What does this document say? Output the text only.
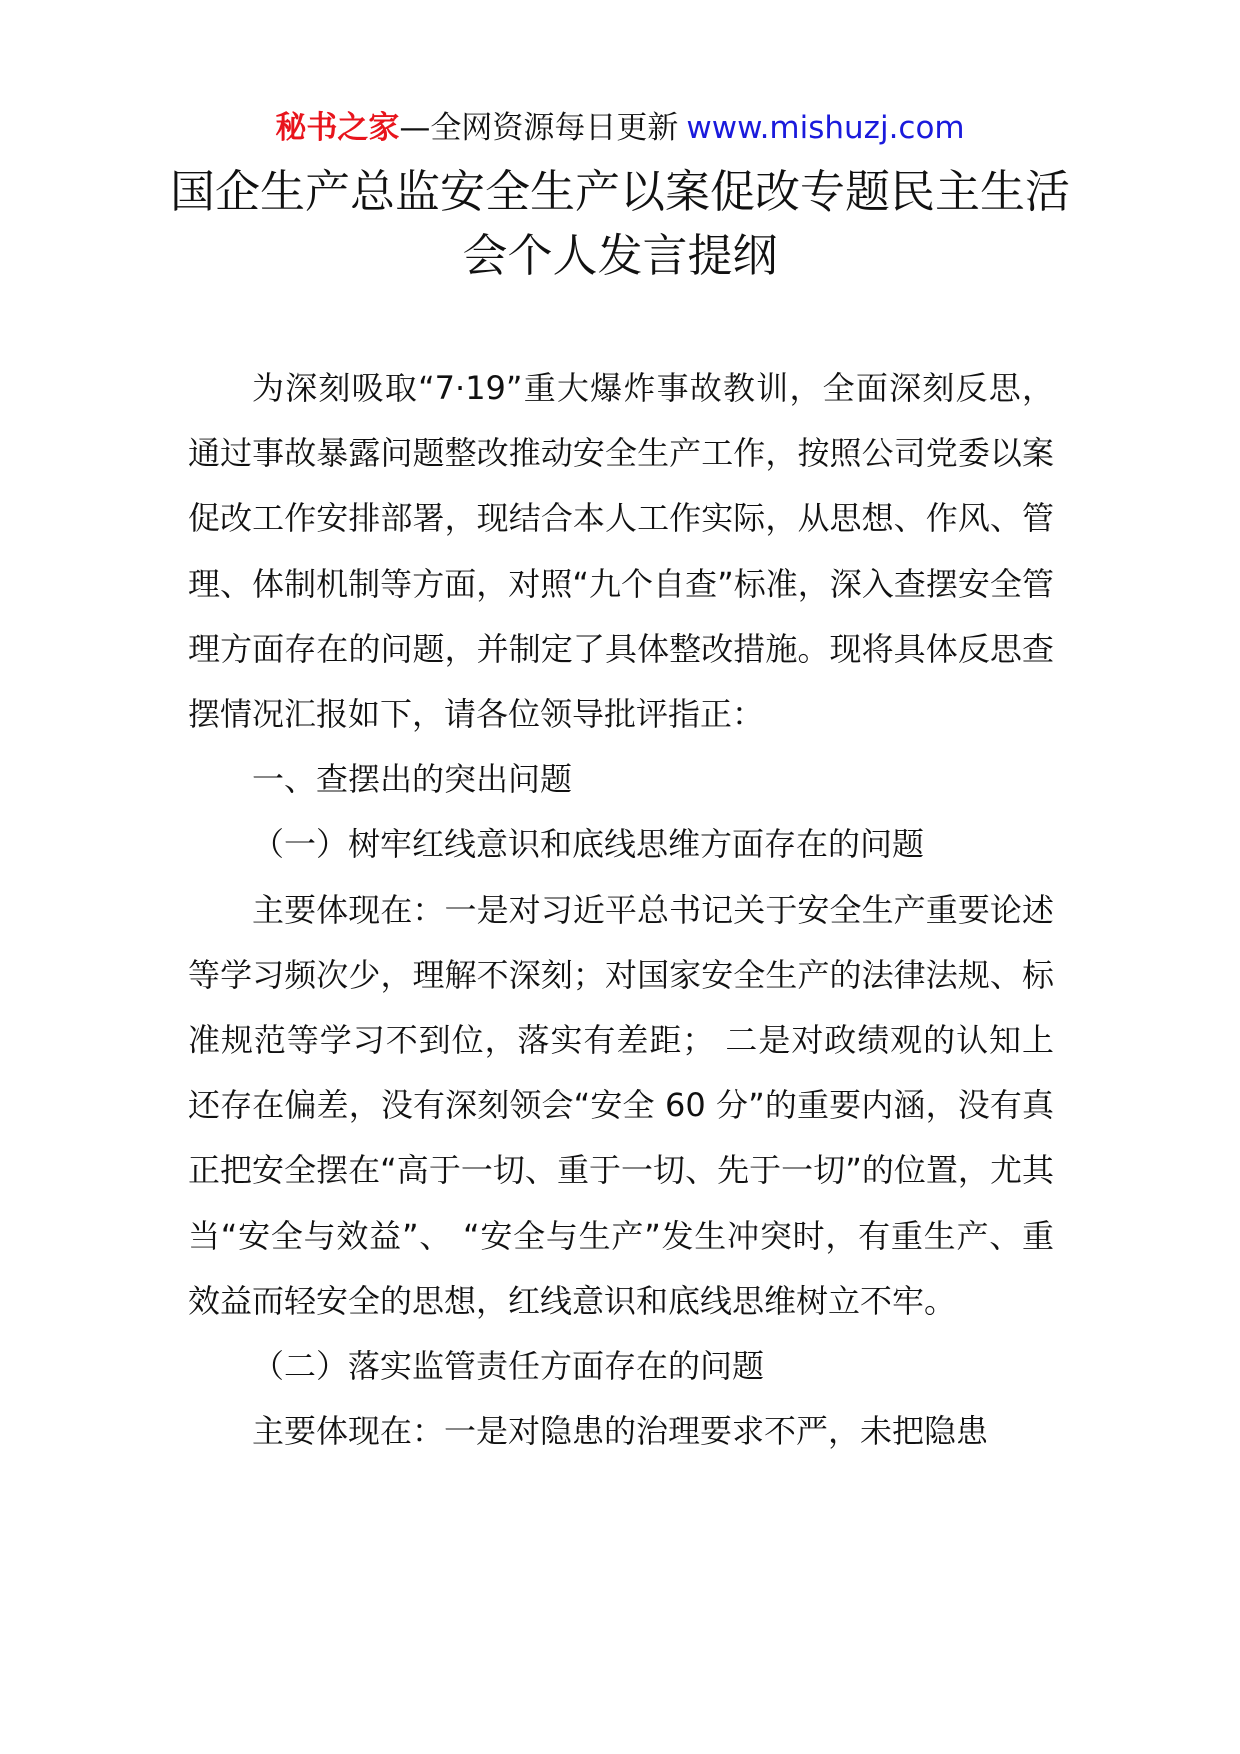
秘书之家—全网资源每日更新 www.mishuzj.com
国企生产总监安全生产以案促改专题民主生活会个人发言提纲

为深刻吸取“7·19”重大爆炸事故教训，全面深刻反思，通过事故暴露问题整改推动安全生产工作，按照公司党委以案促改工作安排部署，现结合本人工作实际，从思想、作风、管理、体制机制等方面，对照“九个自查”标准，深入查摆安全管理方面存在的问题，并制定了具体整改措施。现将具体反思查摆情况汇报如下，请各位领导批评指正：

一、查摆出的突出问题

（一）树牢红线意识和底线思维方面存在的问题

主要体现在：一是对习近平总书记关于安全生产重要论述等学习频次少，理解不深刻；对国家安全生产的法律法规、标准规范等学习不到位，落实有差距； 二是对政绩观的认知上还存在偏差，没有深刻领会“安全 60 分”的重要内涵，没有真正把安全摆在“高于一切、重于一切、先于一切”的位置，尤其当“安全与效益”、 “安全与生产”发生冲突时，有重生产、重效益而轻安全的思想，红线意识和底线思维树立不牢。

（二）落实监管责任方面存在的问题

主要体现在：一是对隐患的治理要求不严，未把隐患
